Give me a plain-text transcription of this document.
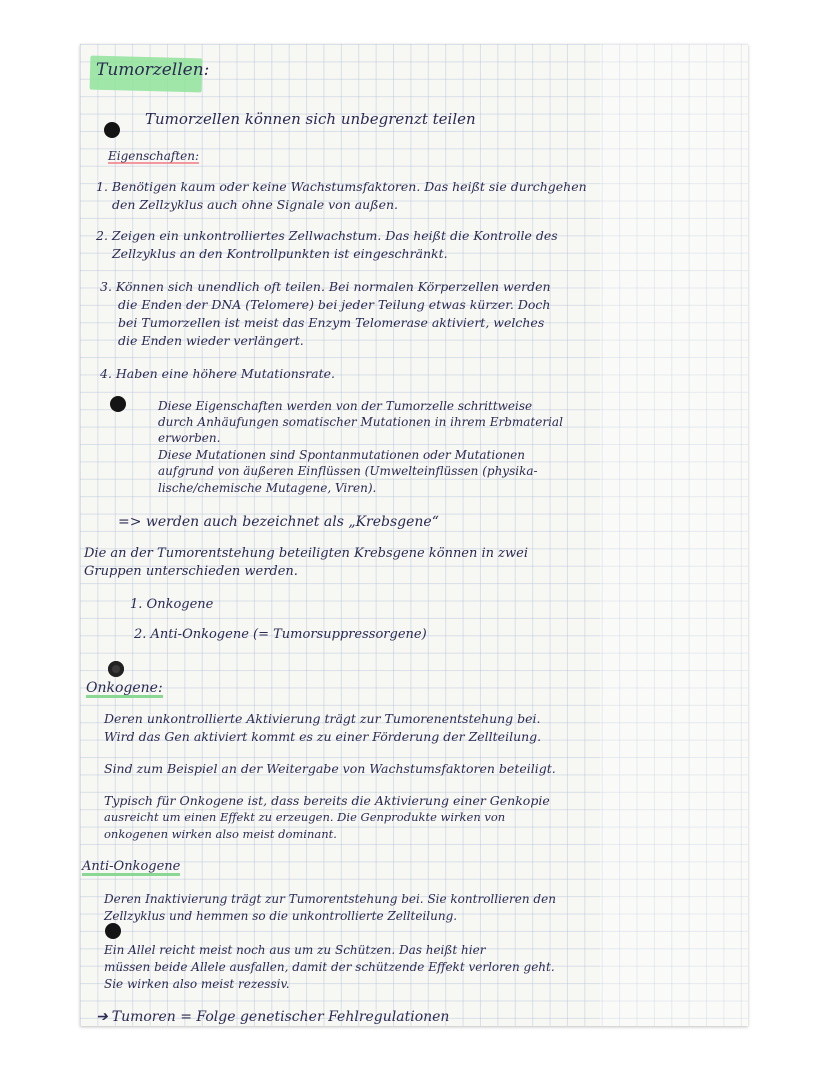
Tumorzellen:
Tumorzellen können sich unbegrenzt teilen
Eigenschaften:
1. Benötigen kaum oder keine Wachstumsfaktoren. Das heißt sie durchgehen
den Zellzyklus auch ohne Signale von außen.
2. Zeigen ein unkontrolliertes Zellwachstum. Das heißt die Kontrolle des
Zellzyklus an den Kontrollpunkten ist eingeschränkt.
3. Können sich unendlich oft teilen. Bei normalen Körperzellen werden
die Enden der DNA (Telomere) bei jeder Teilung etwas kürzer. Doch
bei Tumorzellen ist meist das Enzym Telomerase aktiviert, welches
die Enden wieder verlängert.
4. Haben eine höhere Mutationsrate.
Diese Eigenschaften werden von der Tumorzelle schrittweise
durch Anhäufungen somatischer Mutationen in ihrem Erbmaterial
erworben.
Diese Mutationen sind Spontanmutationen oder Mutationen
aufgrund von äußeren Einflüssen (Umwelteinflüssen (physika-
lische/chemische Mutagene, Viren).
=> werden auch bezeichnet als „Krebsgene“
Die an der Tumorentstehung beteiligten Krebsgene können in zwei
Gruppen unterschieden werden.
1. Onkogene
2. Anti-Onkogene (= Tumorsuppressorgene)
Onkogene:
Deren unkontrollierte Aktivierung trägt zur Tumorenentstehung bei.
Wird das Gen aktiviert kommt es zu einer Förderung der Zellteilung.
Sind zum Beispiel an der Weitergabe von Wachstumsfaktoren beteiligt.
Typisch für Onkogene ist, dass bereits die Aktivierung einer Genkopie
ausreicht um einen Effekt zu erzeugen. Die Genprodukte wirken von
onkogenen wirken also meist dominant.
Anti-Onkogene
Deren Inaktivierung trägt zur Tumorentstehung bei. Sie kontrollieren den
Zellzyklus und hemmen so die unkontrollierte Zellteilung.
Ein Allel reicht meist noch aus um zu Schützen. Das heißt hier
müssen beide Allele ausfallen, damit der schützende Effekt verloren geht.
Sie wirken also meist rezessiv.
➔ Tumoren = Folge genetischer Fehlregulationen
